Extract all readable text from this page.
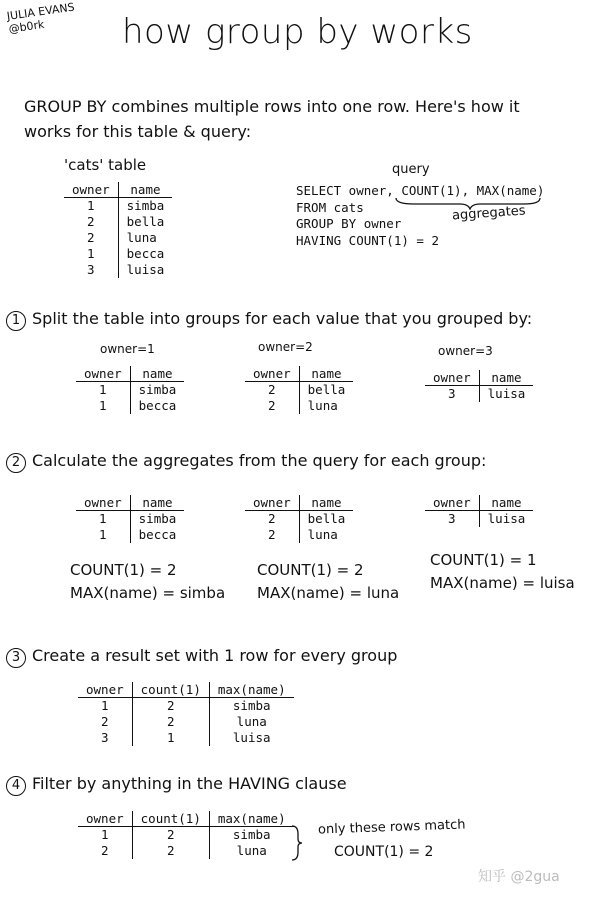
JULIA EVANS
@b0rk	how group by works
GROUP BY combines multiple rows into one row. Here's how it
works for this table & query:
'cats' table
owner	name
1	simba
2	bella
2	luna
1	becca
3	luisa
query
SELECT owner, COUNT(1), MAX(name)
FROM cats
GROUP BY owner
HAVING COUNT(1) = 2
aggregates
1 Split the table into groups for each value that you grouped by:
owner=1
owner	name
1	simba
1	becca
owner=2
owner	name
2	bella
2	luna
owner=3
owner	name
3	luisa
2 Calculate the aggregates from the query for each group:
owner	name
1	simba
1	becca
COUNT(1) = 2
MAX(name) = simba
owner	name
2	bella
2	luna
COUNT(1) = 2
MAX(name) = luna
owner	name
3	luisa
COUNT(1) = 1
MAX(name) = luisa
3 Create a result set with 1 row for every group
owner	count(1)	max(name)
1	2	simba
2	2	luna
3	1	luisa
4 Filter by anything in the HAVING clause
owner	count(1)	max(name)
1	2	simba
2	2	luna
only these rows match
COUNT(1) = 2
知乎 @2gua
